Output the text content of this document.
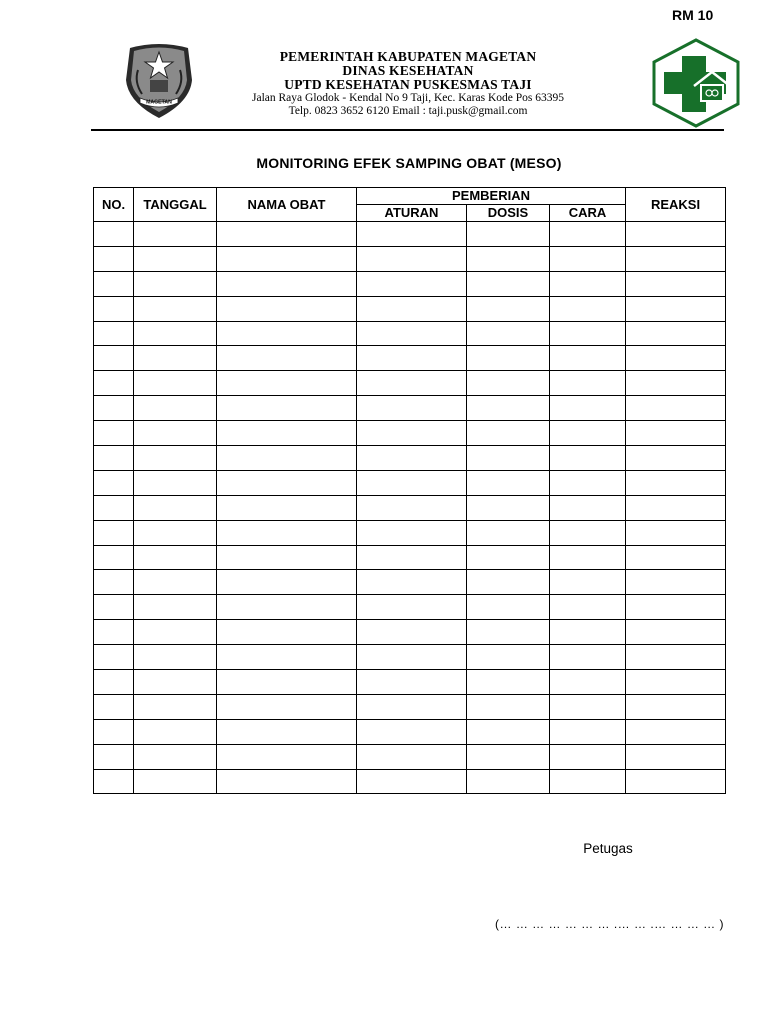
RM 10
MAGETAN
PEMERINTAH KABUPATEN MAGETAN
DINAS KESEHATAN
UPTD KESEHATAN PUSKESMAS TAJI
Jalan Raya Glodok - Kendal No 9 Taji, Kec. Karas Kode Pos 63395
Telp. 0823 3652 6120 Email : taji.pusk@gmail.com
MONITORING EFEK SAMPING OBAT (MESO)
NO.	TANGGAL	NAMA OBAT	PEMBERIAN			REAKSI
			ATURAN	DOSIS	CARA	

Petugas
(… … … … … … … .… … .… … … … )
